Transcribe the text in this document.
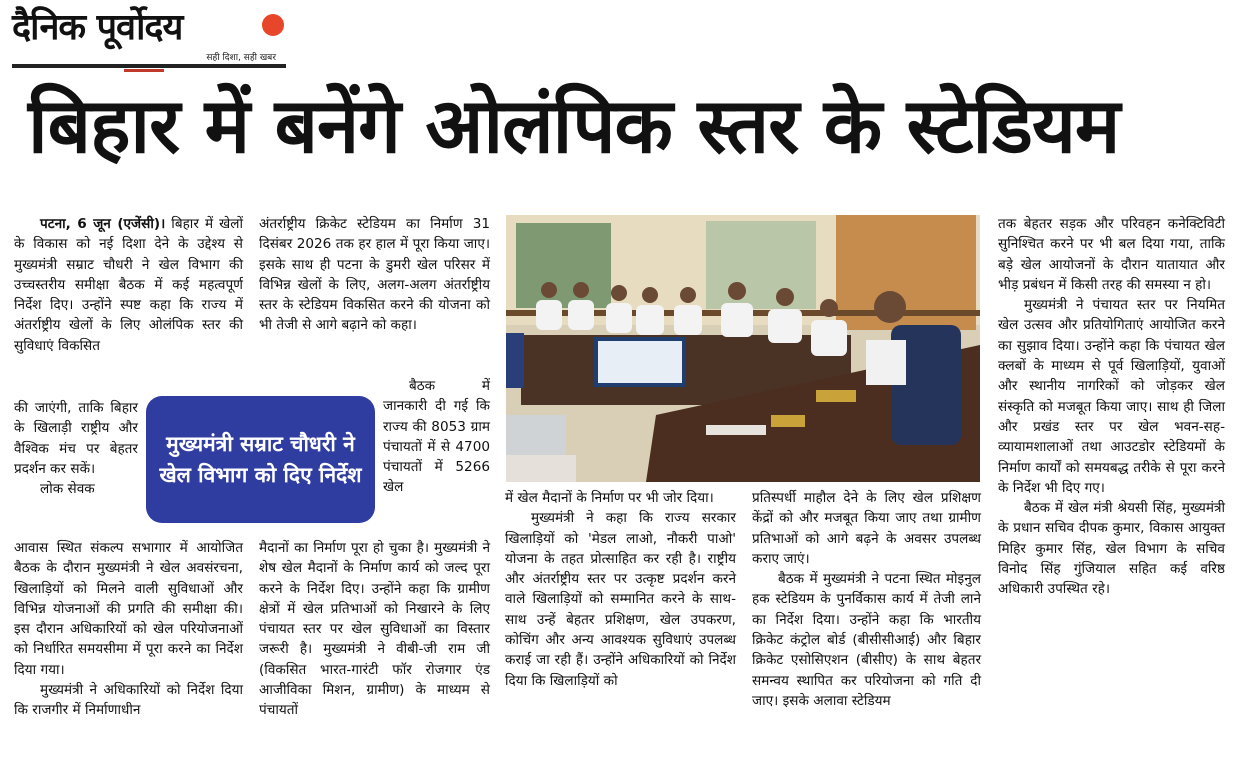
दैनिक पूर्वोदय
सही दिशा, सही खबर
बिहार में बनेंगे ओलंपिक स्तर के स्टेडियम

पटना, 6 जून (एजेंसी)। बिहार में खेलों के विकास को नई दिशा देने के उद्देश्य से मुख्यमंत्री सम्राट चौधरी ने खेल विभाग की उच्चस्तरीय समीक्षा बैठक में कई महत्वपूर्ण निर्देश दिए। उन्होंने स्पष्ट कहा कि राज्य में अंतर्राष्ट्रीय खेलों के लिए ओलंपिक स्तर की सुविधाएं विकसित

की जाएंगी, ताकि बिहार के खिलाड़ी राष्ट्रीय और वैश्विक मंच पर बेहतर प्रदर्शन कर सकें।

लोक सेवक

आवास स्थित संकल्प सभागार में आयोजित बैठक के दौरान मुख्यमंत्री ने खेल अवसंरचना, खिलाड़ियों को मिलने वाली सुविधाओं और विभिन्न योजनाओं की प्रगति की समीक्षा की। इस दौरान अधिकारियों को खेल परियोजनाओं को निर्धारित समयसीमा में पूरा करने का निर्देश दिया गया।

मुख्यमंत्री ने अधिकारियों को निर्देश दिया कि राजगीर में निर्माणाधीन

अंतर्राष्ट्रीय क्रिकेट स्टेडियम का निर्माण 31 दिसंबर 2026 तक हर हाल में पूरा किया जाए। इसके साथ ही पटना के डुमरी खेल परिसर में विभिन्न खेलों के लिए, अलग-अलग अंतर्राष्ट्रीय स्तर के स्टेडियम विकसित करने की योजना को भी तेजी से आगे बढ़ाने को कहा।

बैठक में जानकारी दी गई कि राज्य की 8053 ग्राम पंचायतों में से 4700 पंचायतों में 5266 खेल

मैदानों का निर्माण पूरा हो चुका है। मुख्यमंत्री ने शेष खेल मैदानों के निर्माण कार्य को जल्द पूरा करने के निर्देश दिए। उन्होंने कहा कि ग्रामीण क्षेत्रों में खेल प्रतिभाओं को निखारने के लिए पंचायत स्तर पर खेल सुविधाओं का विस्तार जरूरी है। मुख्यमंत्री ने वीबी-जी राम जी (विकसित भारत-गारंटी फॉर रोजगार एंड आजीविका मिशन, ग्रामीण) के माध्यम से पंचायतों

मुख्यमंत्री सम्राट चौधरी ने खेल विभाग को दिए निर्देश

में खेल मैदानों के निर्माण पर भी जोर दिया।

मुख्यमंत्री ने कहा कि राज्य सरकार खिलाड़ियों को 'मेडल लाओ, नौकरी पाओ' योजना के तहत प्रोत्साहित कर रही है। राष्ट्रीय और अंतर्राष्ट्रीय स्तर पर उत्कृष्ट प्रदर्शन करने वाले खिलाड़ियों को सम्मानित करने के साथ-साथ उन्हें बेहतर प्रशिक्षण, खेल उपकरण, कोचिंग और अन्य आवश्यक सुविधाएं उपलब्ध कराई जा रही हैं। उन्होंने अधिकारियों को निर्देश दिया कि खिलाड़ियों को

प्रतिस्पर्धी माहौल देने के लिए खेल प्रशिक्षण केंद्रों को और मजबूत किया जाए तथा ग्रामीण प्रतिभाओं को आगे बढ़ने के अवसर उपलब्ध कराए जाएं।

बैठक में मुख्यमंत्री ने पटना स्थित मोइनुल हक स्टेडियम के पुनर्विकास कार्य में तेजी लाने का निर्देश दिया। उन्होंने कहा कि भारतीय क्रिकेट कंट्रोल बोर्ड (बीसीसीआई) और बिहार क्रिकेट एसोसिएशन (बीसीए) के साथ बेहतर समन्वय स्थापित कर परियोजना को गति दी जाए। इसके अलावा स्टेडियम

तक बेहतर सड़क और परिवहन कनेक्टिविटी सुनिश्चित करने पर भी बल दिया गया, ताकि बड़े खेल आयोजनों के दौरान यातायात और भीड़ प्रबंधन में किसी तरह की समस्या न हो।

मुख्यमंत्री ने पंचायत स्तर पर नियमित खेल उत्सव और प्रतियोगिताएं आयोजित करने का सुझाव दिया। उन्होंने कहा कि पंचायत खेल क्लबों के माध्यम से पूर्व खिलाड़ियों, युवाओं और स्थानीय नागरिकों को जोड़कर खेल संस्कृति को मजबूत किया जाए। साथ ही जिला और प्रखंड स्तर पर खेल भवन-सह-व्यायामशालाओं तथा आउटडोर स्टेडियमों के निर्माण कार्यों को समयबद्ध तरीके से पूरा करने के निर्देश भी दिए गए।

बैठक में खेल मंत्री श्रेयसी सिंह, मुख्यमंत्री के प्रधान सचिव दीपक कुमार, विकास आयुक्त मिहिर कुमार सिंह, खेल विभाग के सचिव विनोद सिंह गुंजियाल सहित कई वरिष्ठ अधिकारी उपस्थित रहे।
